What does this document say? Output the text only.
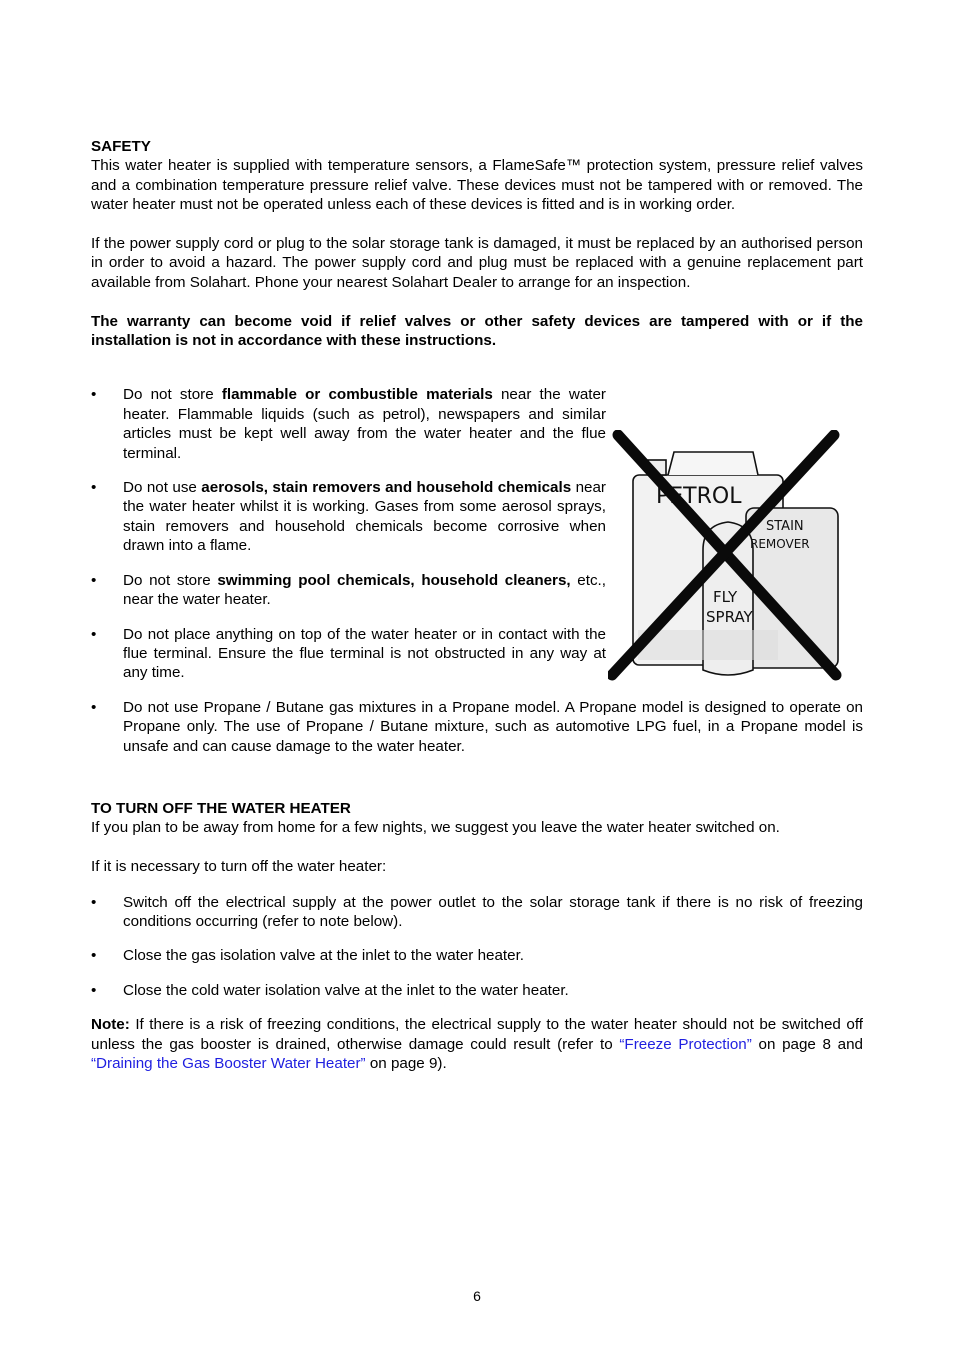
SAFETY

This water heater is supplied with temperature sensors, a FlameSafe™ protection system, pressure relief valves and a combination temperature pressure relief valve. These devices must not be tampered with or removed. The water heater must not be operated unless each of these devices is fitted and is in working order.

If the power supply cord or plug to the solar storage tank is damaged, it must be replaced by an authorised person in order to avoid a hazard. The power supply cord and plug must be replaced with a genuine replacement part available from Solahart. Phone your nearest Solahart Dealer to arrange for an inspection.

The warranty can become void if relief valves or other safety devices are tampered with or if the installation is not in accordance with these instructions.

• Do not store flammable or combustible materials near the water heater. Flammable liquids (such as petrol), newspapers and similar articles must be kept well away from the water heater and the flue terminal.
• Do not use aerosols, stain removers and household chemicals near the water heater whilst it is working. Gases from some aerosol sprays, stain removers and household chemicals become corrosive when drawn into a flame.
• Do not store swimming pool chemicals, household cleaners, etc., near the water heater.
• Do not place anything on top of the water heater or in contact with the flue terminal. Ensure the flue terminal is not obstructed in any way at any time.
• Do not use Propane / Butane gas mixtures in a Propane model. A Propane model is designed to operate on Propane only. The use of Propane / Butane mixture, such as automotive LPG fuel, in a Propane model is unsafe and can cause damage to the water heater.
TO TURN OFF THE WATER HEATER

If you plan to be away from home for a few nights, we suggest you leave the water heater switched on.

If it is necessary to turn off the water heater:

• Switch off the electrical supply at the power outlet to the solar storage tank if there is no risk of freezing conditions occurring (refer to note below).
• Close the gas isolation valve at the inlet to the water heater.
• Close the cold water isolation valve at the inlet to the water heater.

Note: If there is a risk of freezing conditions, the electrical supply to the water heater should not be switched off unless the gas booster is drained, otherwise damage could result (refer to “Freeze Protection” on page 8 and “Draining the Gas Booster Water Heater” on page 9).

PETROL
STAIN
REMOVER
FLY
SPRAY
6
